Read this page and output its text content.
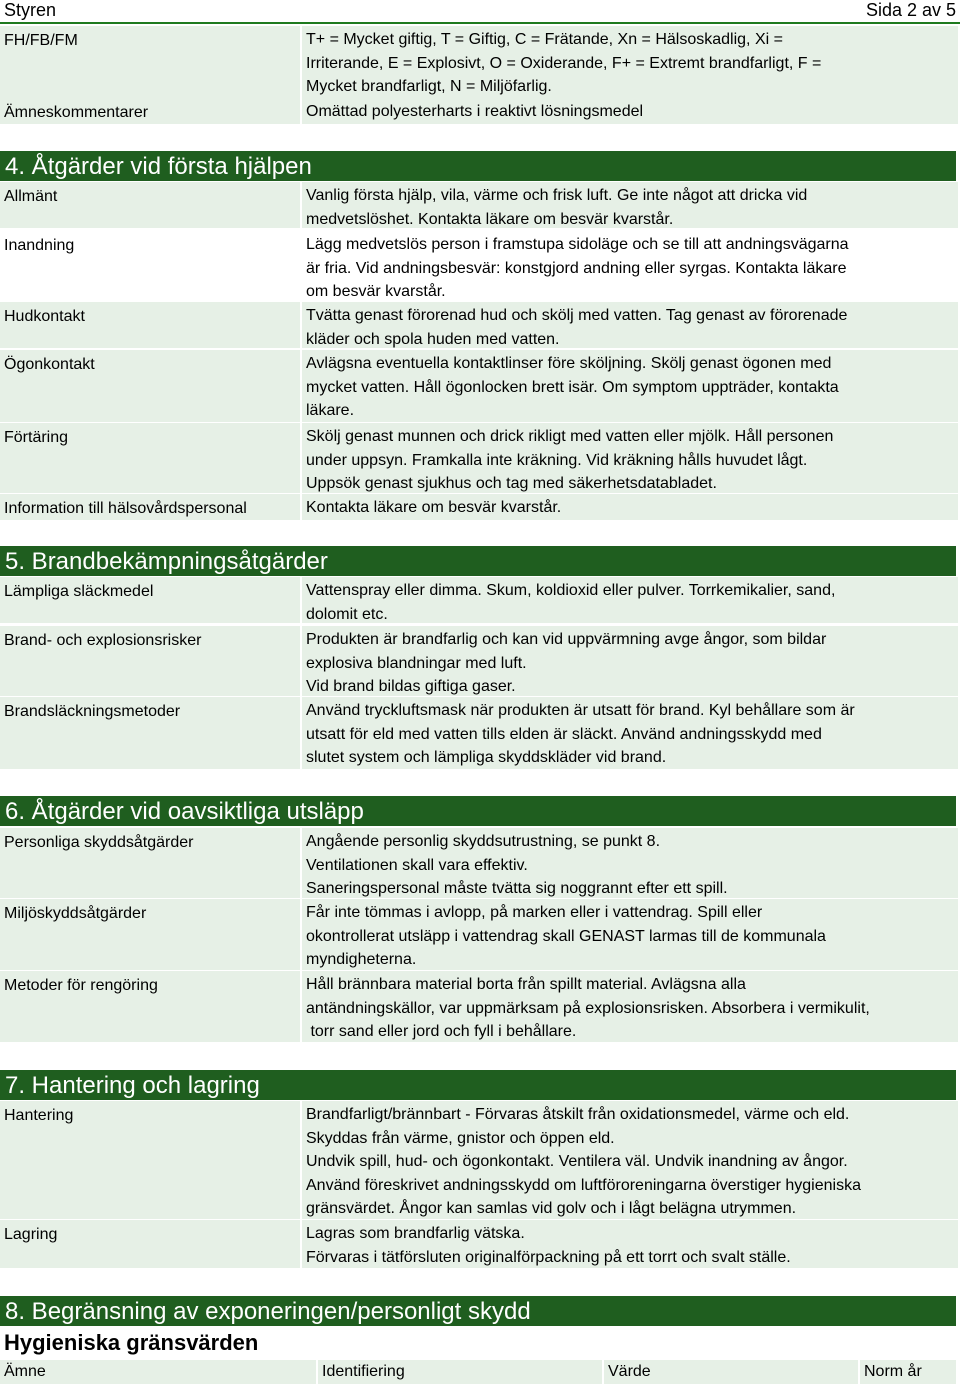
Styren	Sida 2 av 5
FH/FB/FM	T+ = Mycket giftig, T = Giftig, C = Frätande, Xn = Hälsoskadlig, Xi =
Irriterande, E = Explosivt, O = Oxiderande, F+ = Extremt brandfarligt, F =
Mycket brandfarligt, N = Miljöfarlig.
Ämneskommentarer	Omättad polyesterharts i reaktivt lösningsmedel
4. Åtgärder vid första hjälpen
Allmänt	Vanlig första hjälp, vila, värme och frisk luft. Ge inte något att dricka vid
medvetslöshet. Kontakta läkare om besvär kvarstår.
Inandning	Lägg medvetslös person i framstupa sidoläge och se till att andningsvägarna
är fria. Vid andningsbesvär: konstgjord andning eller syrgas. Kontakta läkare
om besvär kvarstår.
Hudkontakt	Tvätta genast förorenad hud och skölj med vatten. Tag genast av förorenade
kläder och spola huden med vatten.
Ögonkontakt	Avlägsna eventuella kontaktlinser före sköljning. Skölj genast ögonen med
mycket vatten. Håll ögonlocken brett isär. Om symptom uppträder, kontakta
läkare.
Förtäring	Skölj genast munnen och drick rikligt med vatten eller mjölk. Håll personen
under uppsyn. Framkalla inte kräkning. Vid kräkning hålls huvudet lågt.
Uppsök genast sjukhus och tag med säkerhetsdatabladet.
Information till hälsovårdspersonal	Kontakta läkare om besvär kvarstår.
5. Brandbekämpningsåtgärder
Lämpliga släckmedel	Vattenspray eller dimma. Skum, koldioxid eller pulver. Torrkemikalier, sand,
dolomit etc.
Brand- och explosionsrisker	Produkten är brandfarlig och kan vid uppvärmning avge ångor, som bildar
explosiva blandningar med luft.
Vid brand bildas giftiga gaser.
Brandsläckningsmetoder	Använd tryckluftsmask när produkten är utsatt för brand. Kyl behållare som är
utsatt för eld med vatten tills elden är släckt. Använd andningsskydd med
slutet system och lämpliga skyddskläder vid brand.
6. Åtgärder vid oavsiktliga utsläpp
Personliga skyddsåtgärder	Angående personlig skyddsutrustning, se punkt 8.
Ventilationen skall vara effektiv.
Saneringspersonal måste tvätta sig noggrannt efter ett spill.
Miljöskyddsåtgärder	Får inte tömmas i avlopp, på marken eller i vattendrag. Spill eller
okontrollerat utsläpp i vattendrag skall GENAST larmas till de kommunala
myndigheterna.
Metoder för rengöring	Håll brännbara material borta från spillt material. Avlägsna alla
antändningskällor, var uppmärksam på explosionsrisken. Absorbera i vermikulit,
torr sand eller jord och fyll i behållare.
7. Hantering och lagring
Hantering	Brandfarligt/brännbart - Förvaras åtskilt från oxidationsmedel, värme och eld.
Skyddas från värme, gnistor och öppen eld.
Undvik spill, hud- och ögonkontakt. Ventilera väl. Undvik inandning av ångor.
Använd föreskrivet andningsskydd om luftföroreningarna överstiger hygieniska
gränsvärdet. Ångor kan samlas vid golv och i lågt belägna utrymmen.
Lagring	Lagras som brandfarlig vätska.
Förvaras i tätförsluten originalförpackning på ett torrt och svalt ställe.
8. Begränsning av exponeringen/personligt skydd
Hygieniska gränsvärden
Ämne	Identifiering	Värde	Norm år
